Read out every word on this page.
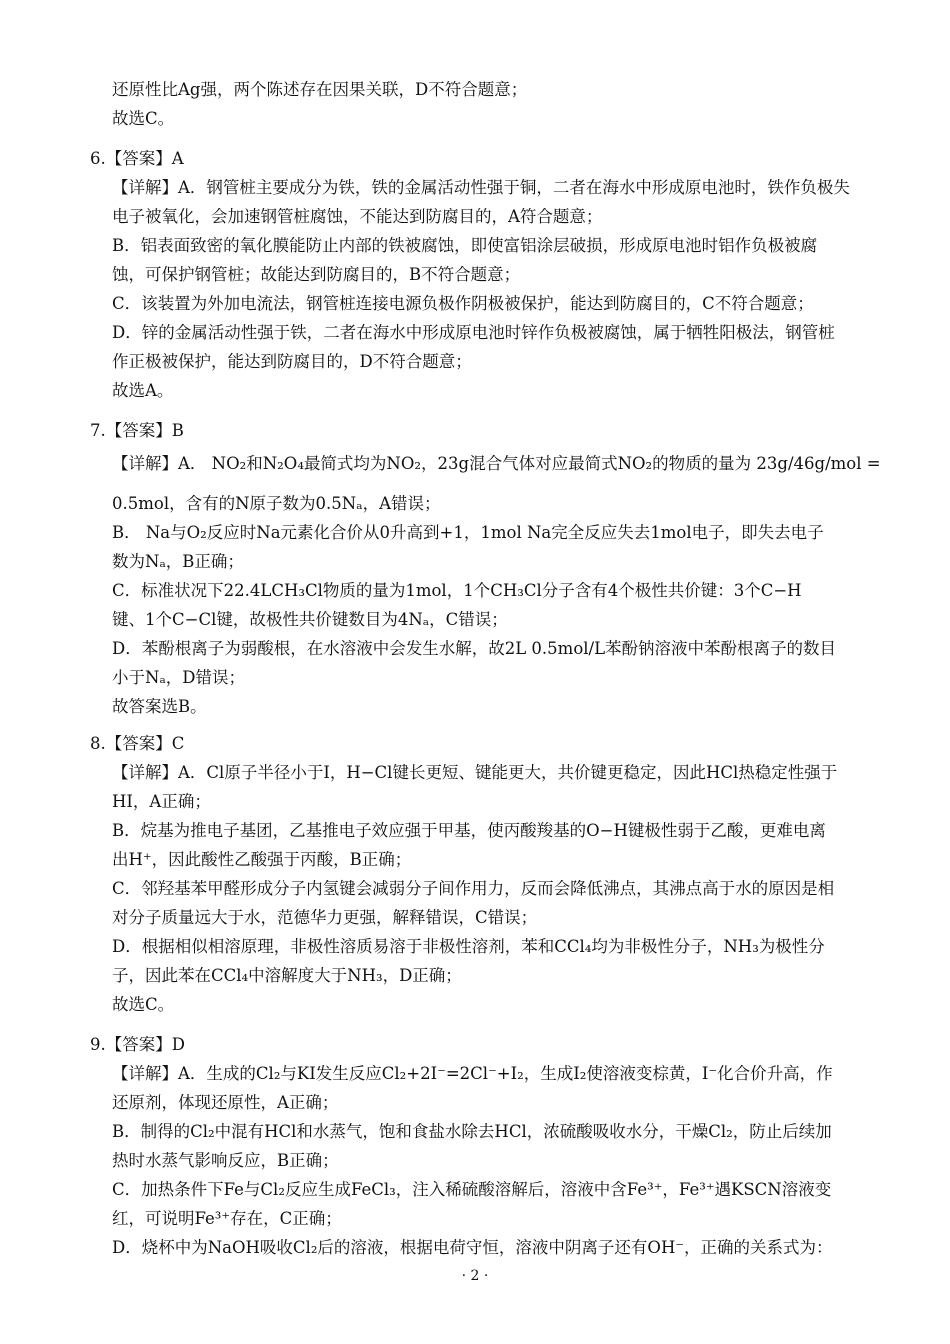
还原性比Ag强，两个陈述存在因果关联，D不符合题意；
故选C。
6.【答案】A
【详解】A．钢管桩主要成分为铁，铁的金属活动性强于铜，二者在海水中形成原电池时，铁作负极失
电子被氧化，会加速钢管桩腐蚀，不能达到防腐目的，A符合题意；
B．铝表面致密的氧化膜能防止内部的铁被腐蚀，即使富铝涂层破损，形成原电池时铝作负极被腐
蚀，可保护钢管桩；故能达到防腐目的，B不符合题意；
C．该装置为外加电流法，钢管桩连接电源负极作阴极被保护，能达到防腐目的，C不符合题意；
D．锌的金属活动性强于铁，二者在海水中形成原电池时锌作负极被腐蚀，属于牺牲阳极法，钢管桩
作正极被保护，能达到防腐目的，D不符合题意；
故选A。
7.【答案】B
【详解】A． NO₂和N₂O₄最简式均为NO₂，23g混合气体对应最简式NO₂的物质的量为 23g/46g/mol =
0.5mol，含有的N原子数为0.5Nₐ，A错误；
B． Na与O₂反应时Na元素化合价从0升高到+1，1mol Na完全反应失去1mol电子，即失去电子
数为Nₐ，B正确；
C．标准状况下22.4LCH₃Cl物质的量为1mol，1个CH₃Cl分子含有4个极性共价键：3个C−H
键、1个C−Cl键，故极性共价键数目为4Nₐ，C错误；
D．苯酚根离子为弱酸根，在水溶液中会发生水解，故2L 0.5mol/L苯酚钠溶液中苯酚根离子的数目
小于Nₐ，D错误；
故答案选B。
8.【答案】C
【详解】A．Cl原子半径小于I，H−Cl键长更短、键能更大，共价键更稳定，因此HCl热稳定性强于
HI，A正确；
B．烷基为推电子基团，乙基推电子效应强于甲基，使丙酸羧基的O−H键极性弱于乙酸，更难电离
出H⁺，因此酸性乙酸强于丙酸，B正确；
C．邻羟基苯甲醛形成分子内氢键会减弱分子间作用力，反而会降低沸点，其沸点高于水的原因是相
对分子质量远大于水，范德华力更强，解释错误，C错误；
D．根据相似相溶原理，非极性溶质易溶于非极性溶剂，苯和CCl₄均为非极性分子，NH₃为极性分
子，因此苯在CCl₄中溶解度大于NH₃，D正确；
故选C。
9.【答案】D
【详解】A．生成的Cl₂与KI发生反应Cl₂+2I⁻=2Cl⁻+I₂，生成I₂使溶液变棕黄，I⁻化合价升高，作
还原剂，体现还原性，A正确；
B．制得的Cl₂中混有HCl和水蒸气，饱和食盐水除去HCl，浓硫酸吸收水分，干燥Cl₂，防止后续加
热时水蒸气影响反应，B正确；
C．加热条件下Fe与Cl₂反应生成FeCl₃，注入稀硫酸溶解后，溶液中含Fe³⁺，Fe³⁺遇KSCN溶液变
红，可说明Fe³⁺存在，C正确；
D．烧杯中为NaOH吸收Cl₂后的溶液，根据电荷守恒，溶液中阴离子还有OH⁻，正确的关系式为：
· 2 ·
